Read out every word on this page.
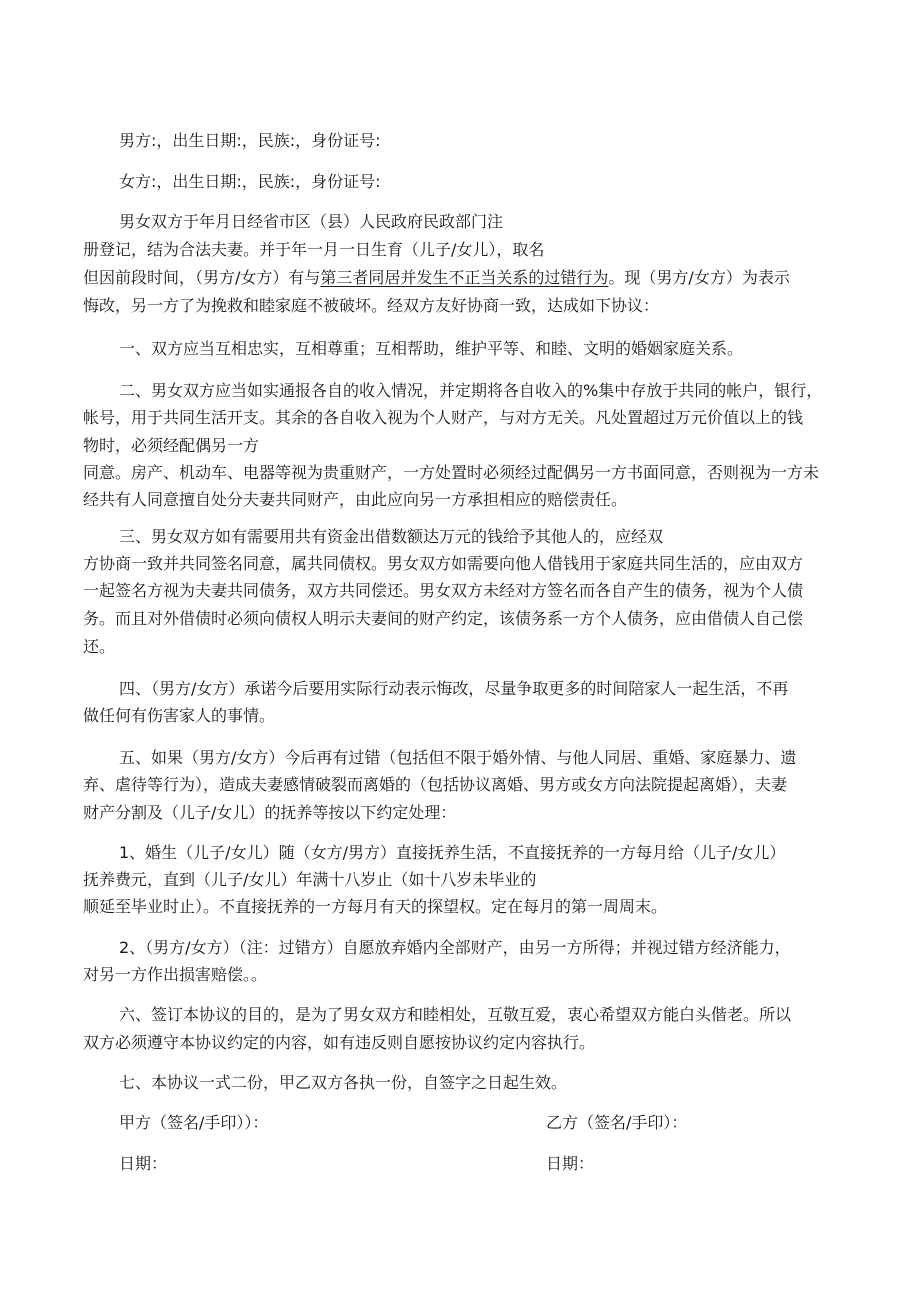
男方:，出生日期:，民族:，身份证号:

女方:，出生日期:，民族:，身份证号:

男女双方于年月日经省市区（县）人民政府民政部门注

册登记，结为合法夫妻。并于年一月一日生育（儿子/女儿），取名

但因前段时间，（男方/女方）有与第三者同居并发生不正当关系的过错行为。现（男方/女方）为表示

悔改，另一方了为挽救和睦家庭不被破坏。经双方友好协商一致，达成如下协议：

一、双方应当互相忠实，互相尊重；互相帮助，维护平等、和睦、文明的婚姻家庭关系。

二、男女双方应当如实通报各自的收入情况，并定期将各自收入的%集中存放于共同的帐户，银行，

帐号，用于共同生活开支。其余的各自收入视为个人财产，与对方无关。凡处置超过万元价值以上的钱

物时，必须经配偶另一方

同意。房产、机动车、电器等视为贵重财产，一方处置时必须经过配偶另一方书面同意，否则视为一方未

经共有人同意擅自处分夫妻共同财产，由此应向另一方承担相应的赔偿责任。

三、男女双方如有需要用共有资金出借数额达万元的钱给予其他人的，应经双

方协商一致并共同签名同意，属共同债权。男女双方如需要向他人借钱用于家庭共同生活的，应由双方

一起签名方视为夫妻共同债务，双方共同偿还。男女双方未经对方签名而各自产生的债务，视为个人债

务。而且对外借债时必须向债权人明示夫妻间的财产约定，该债务系一方个人债务，应由借债人自己偿

还。

四、（男方/女方）承诺今后要用实际行动表示悔改，尽量争取更多的时间陪家人一起生活，不再

做任何有伤害家人的事情。

五、如果（男方/女方）今后再有过错（包括但不限于婚外情、与他人同居、重婚、家庭暴力、遗

弃、虐待等行为），造成夫妻感情破裂而离婚的（包括协议离婚、男方或女方向法院提起离婚），夫妻

财产分割及（儿子/女儿）的抚养等按以下约定处理：

1、婚生（儿子/女儿）随（女方/男方）直接抚养生活，不直接抚养的一方每月给（儿子/女儿）

抚养费元，直到（儿子/女儿）年满十八岁止（如十八岁未毕业的

顺延至毕业时止）。不直接抚养的一方每月有天的探望权。定在每月的第一周周末。

2、（男方/女方）（注：过错方）自愿放弃婚内全部财产，由另一方所得；并视过错方经济能力，

对另一方作出损害赔偿。。

六、签订本协议的目的，是为了男女双方和睦相处，互敬互爱，衷心希望双方能白头偕老。所以

双方必须遵守本协议约定的内容，如有违反则自愿按协议约定内容执行。

七、本协议一式二份，甲乙双方各执一份，自签字之日起生效。

甲方（签名/手印））：	乙方（签名/手印）：

日期：	日期：
